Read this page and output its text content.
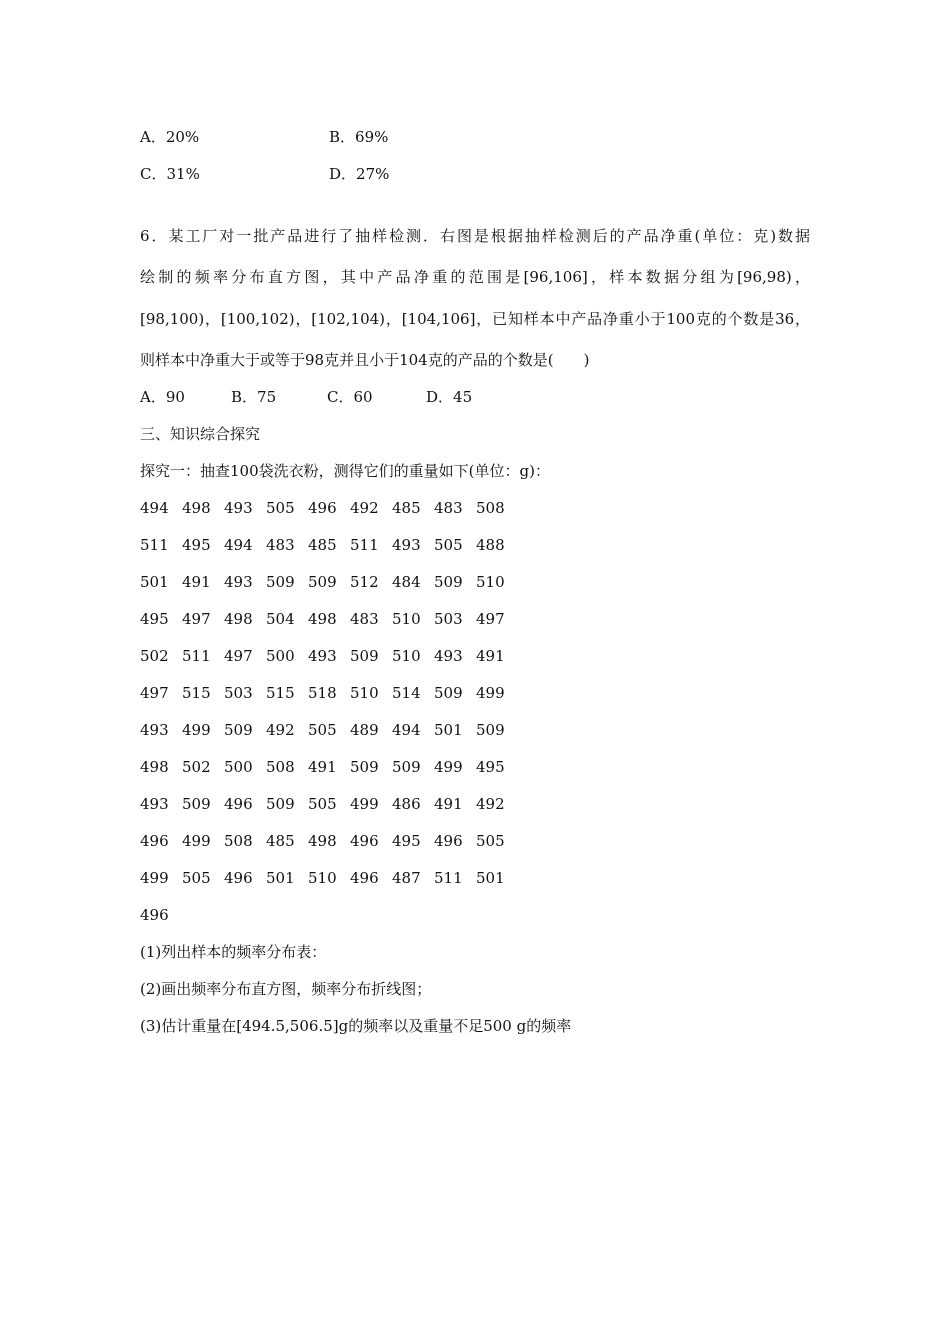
A．20%	B．69%
C．31%	D．27%
6．某工厂对一批产品进行了抽样检测．右图是根据抽样检测后的产品净重(单位：克)数据
绘制的频率分布直方图，其中产品净重的范围是[96,106]，样本数据分组为[96,98)，
[98,100)，[100,102)，[102,104)，[104,106]，已知样本中产品净重小于100克的个数是36，
则样本中净重大于或等于98克并且小于104克的产品的个数是(　　)
A．90	B．75	C．60	D．45
三、知识综合探究
探究一：抽查100袋洗衣粉，测得它们的重量如下(单位：g)：
494 498 493 505 496 492 485 483 508
511 495 494 483 485 511 493 505 488
501 491 493 509 509 512 484 509 510
495 497 498 504 498 483 510 503 497
502 511 497 500 493 509 510 493 491
497 515 503 515 518 510 514 509 499
493 499 509 492 505 489 494 501 509
498 502 500 508 491 509 509 499 495
493 509 496 509 505 499 486 491 492
496 499 508 485 498 496 495 496 505
499 505 496 501 510 496 487 511 501
496
(1)列出样本的频率分布表：
(2)画出频率分布直方图，频率分布折线图；
(3)估计重量在[494.5,506.5]g的频率以及重量不足500 g的频率
